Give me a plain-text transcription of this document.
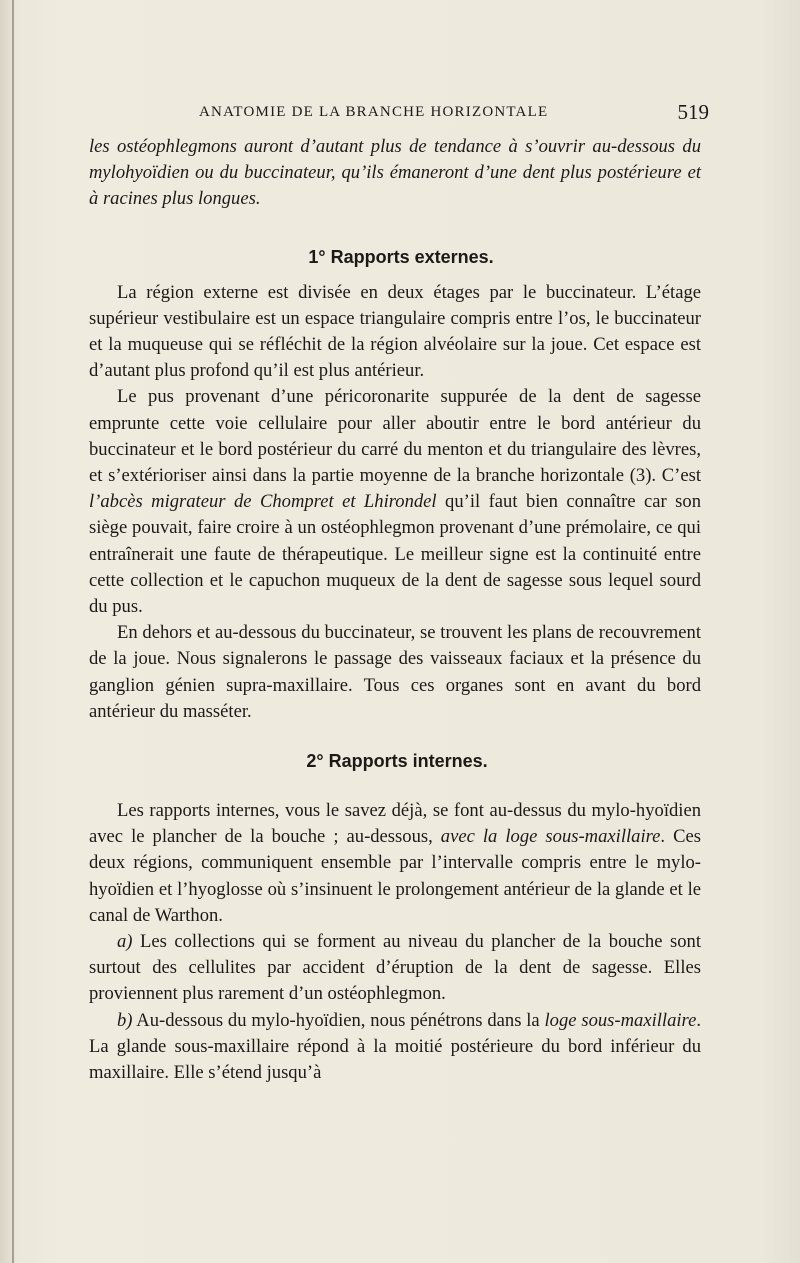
ANATOMIE DE LA BRANCHE HORIZONTALE	519

les ostéophlegmons auront d’autant plus de tendance à s’ouvrir au-dessous du mylohyoïdien ou du buccinateur, qu’ils émaneront d’une dent plus postérieure et à racines plus longues.

1° Rapports externes.

La région externe est divisée en deux étages par le buccinateur. L’étage supérieur vestibulaire est un espace triangulaire compris entre l’os, le buccinateur et la muqueuse qui se réfléchit de la région alvéolaire sur la joue. Cet espace est d’autant plus profond qu’il est plus antérieur.

Le pus provenant d’une péricoronarite suppurée de la dent de sagesse emprunte cette voie cellulaire pour aller aboutir entre le bord antérieur du buccinateur et le bord postérieur du carré du menton et du triangulaire des lèvres, et s’extérioriser ainsi dans la partie moyenne de la branche horizontale (3). C’est l’abcès migrateur de Chompret et Lhirondel qu’il faut bien connaître car son siège pouvait, faire croire à un ostéophlegmon provenant d’une prémolaire, ce qui entraînerait une faute de thérapeutique. Le meilleur signe est la continuité entre cette collection et le capuchon muqueux de la dent de sagesse sous lequel sourd du pus.

En dehors et au-dessous du buccinateur, se trouvent les plans de recouvrement de la joue. Nous signalerons le passage des vaisseaux faciaux et la présence du ganglion génien supra-maxillaire. Tous ces organes sont en avant du bord antérieur du masséter.

2° Rapports internes.

Les rapports internes, vous le savez déjà, se font au-dessus du mylo-hyoïdien avec le plancher de la bouche ; au-dessous, avec la loge sous-maxillaire. Ces deux régions, communiquent ensemble par l’intervalle compris entre le mylo-hyoïdien et l’hyoglosse où s’insinuent le prolongement antérieur de la glande et le canal de Warthon.

a) Les collections qui se forment au niveau du plancher de la bouche sont surtout des cellulites par accident d’éruption de la dent de sagesse. Elles proviennent plus rarement d’un ostéophlegmon.

b) Au-dessous du mylo-hyoïdien, nous pénétrons dans la loge sous-maxillaire. La glande sous-maxillaire répond à la moitié postérieure du bord inférieur du maxillaire. Elle s’étend jusqu’à
